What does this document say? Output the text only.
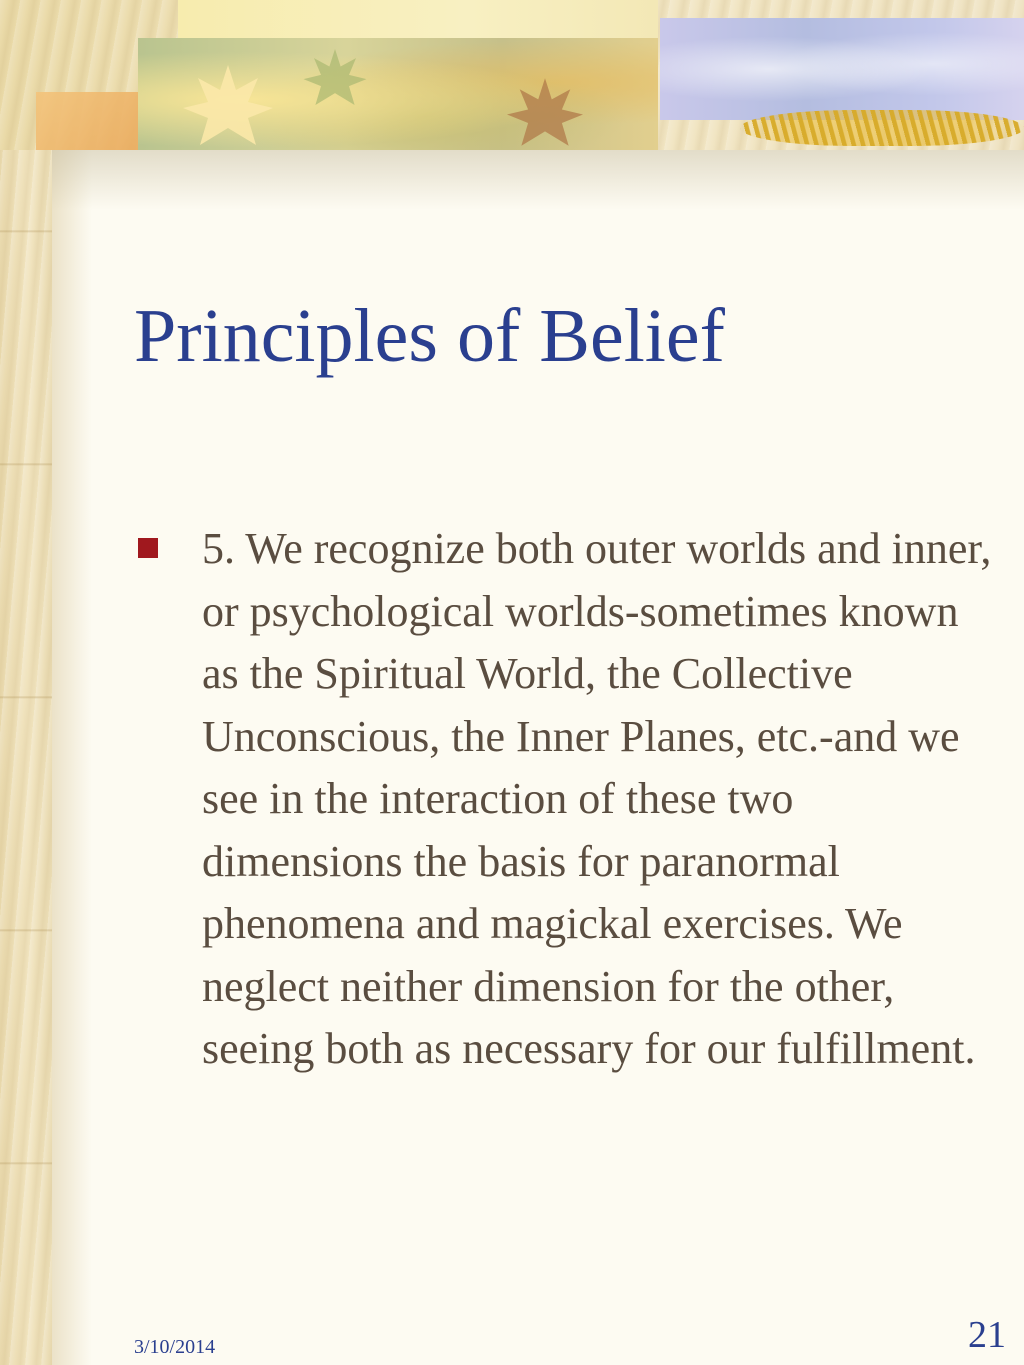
Principles of Belief

5. We recognize both outer worlds and inner, or psychological worlds-sometimes known as the Spiritual World, the Collective Unconscious, the Inner Planes, etc.-and we see in the interaction of these two dimensions the basis for paranormal phenomena and magickal exercises. We neglect neither dimension for the other, seeing both as necessary for our fulfillment.

3/10/2014	21
